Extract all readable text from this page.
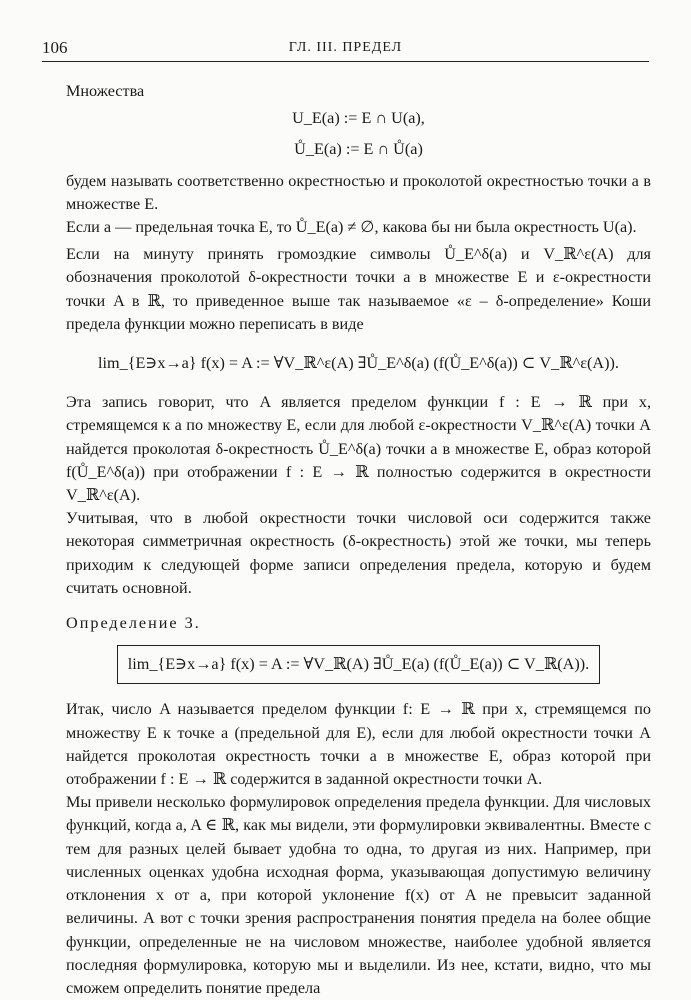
106	ГЛ. III. ПРЕДЕЛ

Множества

U_E(a) := E ∩ U(a),
Ů_E(a) := E ∩ Ů(a)

будем называть соответственно окрестностью и проколотой окрестностью точки a в множестве E.

Если a — предельная точка E, то Ů_E(a) ≠ ∅, какова бы ни была окрестность U(a).

Если на минуту принять громоздкие символы Ů_E^δ(a) и V_ℝ^ε(A) для обозначения проколотой δ-окрестности точки a в множестве E и ε-окрестности точки A в ℝ, то приведенное выше так называемое «ε – δ-определение» Коши предела функции можно переписать в виде

lim_{E∋x→a} f(x) = A := ∀V_ℝ^ε(A) ∃Ů_E^δ(a) (f(Ů_E^δ(a)) ⊂ V_ℝ^ε(A)).

Эта запись говорит, что A является пределом функции f : E → ℝ при x, стремящемся к a по множеству E, если для любой ε-окрестности V_ℝ^ε(A) точки A найдется проколотая δ-окрестность Ů_E^δ(a) точки a в множестве E, образ которой f(Ů_E^δ(a)) при отображении f : E → ℝ полностью содержится в окрестности V_ℝ^ε(A).

Учитывая, что в любой окрестности точки числовой оси содержится также некоторая симметричная окрестность (δ-окрестность) этой же точки, мы теперь приходим к следующей форме записи определения предела, которую и будем считать основной.

Определение 3.

lim_{E∋x→a} f(x) = A := ∀V_ℝ(A) ∃Ů_E(a) (f(Ů_E(a)) ⊂ V_ℝ(A)).

Итак, число A называется пределом функции f: E → ℝ при x, стремящемся по множеству E к точке a (предельной для E), если для любой окрестности точки A найдется проколотая окрестность точки a в множестве E, образ которой при отображении f : E → ℝ содержится в заданной окрестности точки A.

Мы привели несколько формулировок определения предела функции. Для числовых функций, когда a, A ∈ ℝ, как мы видели, эти формулировки эквивалентны. Вместе с тем для разных целей бывает удобна то одна, то другая из них. Например, при численных оценках удобна исходная форма, указывающая допустимую величину отклонения x от a, при которой уклонение f(x) от A не превысит заданной величины. А вот с точки зрения распространения понятия предела на более общие функции, определенные не на числовом множестве, наиболее удобной является последняя формулировка, которую мы и выделили. Из нее, кстати, видно, что мы сможем определить понятие предела
